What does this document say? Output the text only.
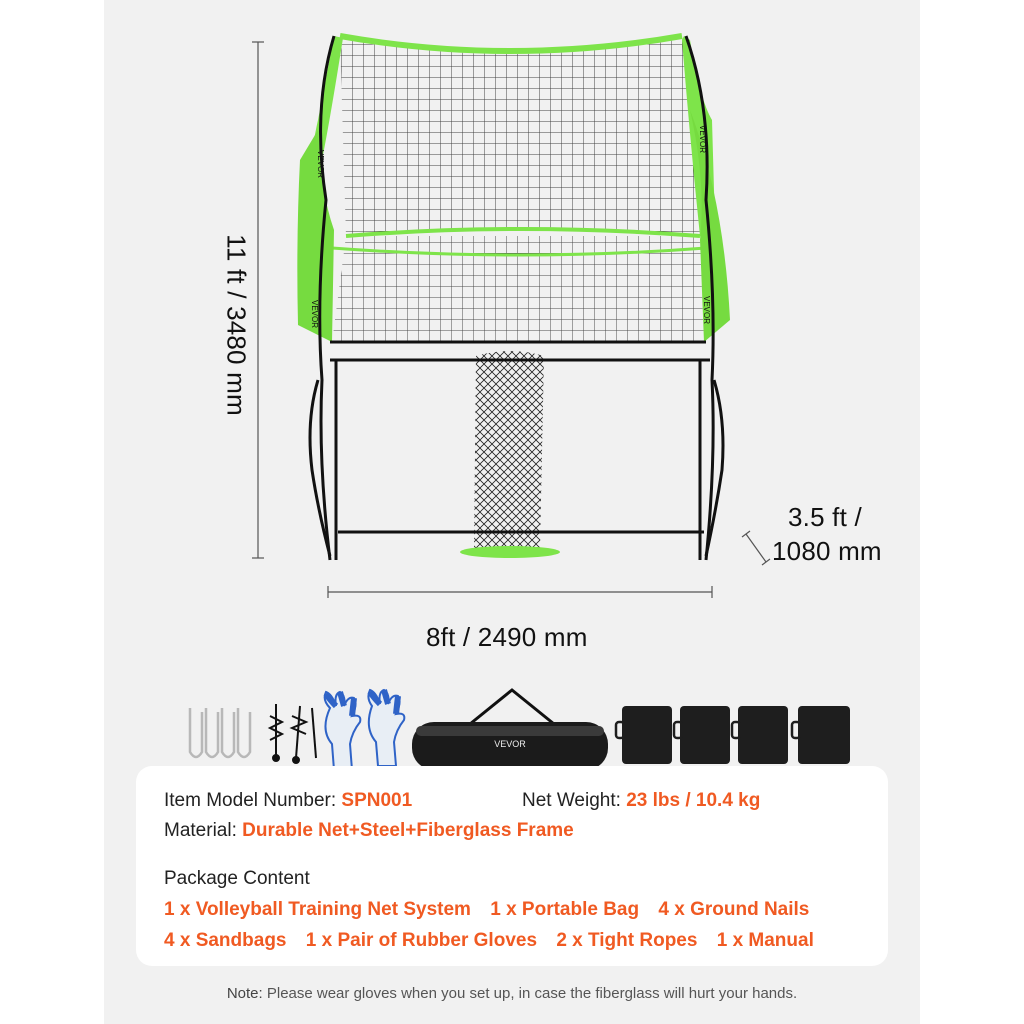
VEVOR
VEVOR
VEVOR	VEVOR
11 ft / 3480 mm
3.5 ft /
1080 mm
8ft / 2490 mm
VEVOR
Item Model Number: SPN001	Net Weight: 23 lbs / 10.4 kg
Material: Durable Net+Steel+Fiberglass Frame
Package Content
1 x Volleyball Training Net System 1 x Portable Bag 4 x Ground Nails
4 x Sandbags 1 x Pair of Rubber Gloves 2 x Tight Ropes 1 x Manual
Note: Please wear gloves when you set up, in case the fiberglass will hurt your hands.
